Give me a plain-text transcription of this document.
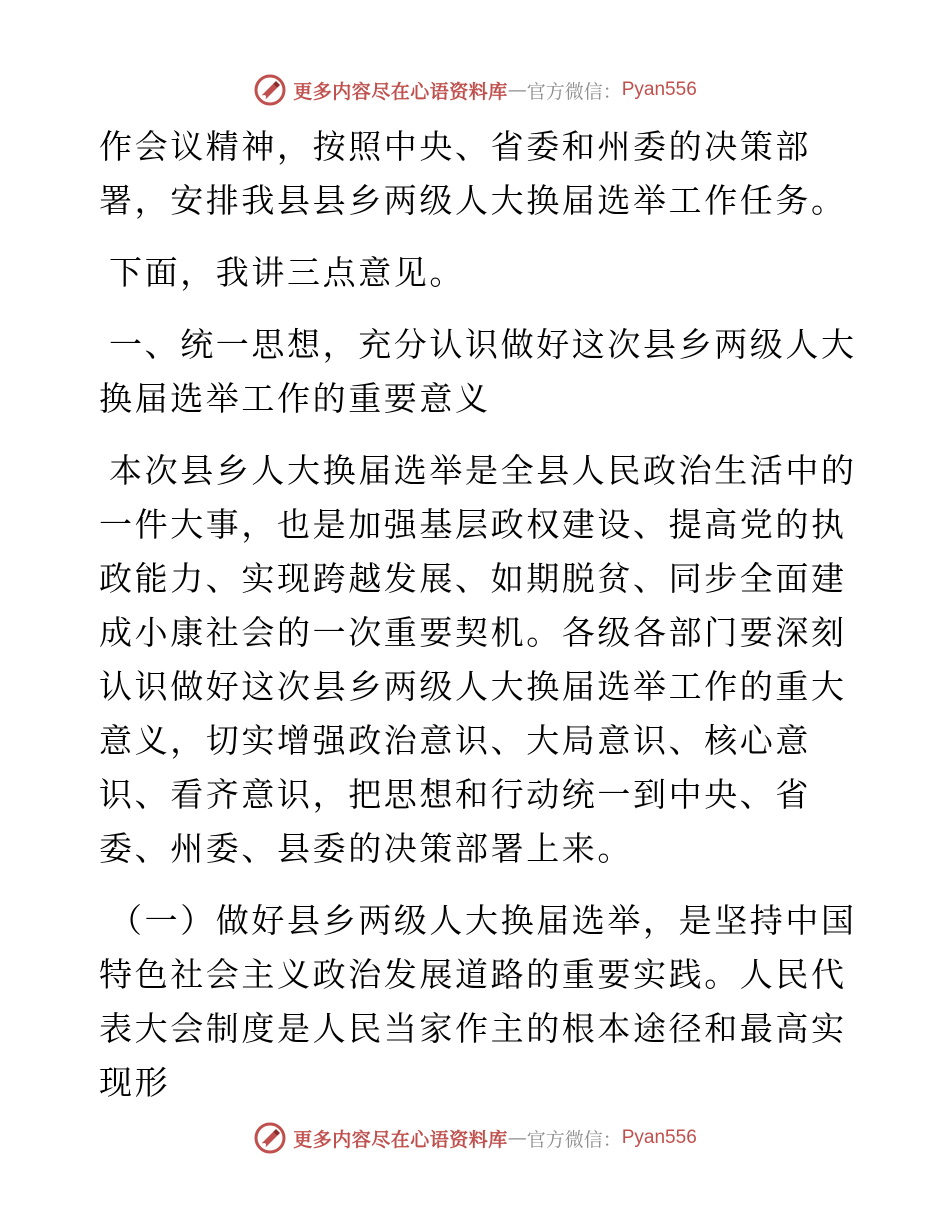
更多内容尽在心语资料库 — 官方微信： Pyan556

作会议精神，按照中央、省委和州委的决策部署，安排我县县乡两级人大换届选举工作任务。

下面，我讲三点意见。

一、统一思想，充分认识做好这次县乡两级人大换届选举工作的重要意义

本次县乡人大换届选举是全县人民政治生活中的一件大事，也是加强基层政权建设、提高党的执政能力、实现跨越发展、如期脱贫、同步全面建成小康社会的一次重要契机。各级各部门要深刻认识做好这次县乡两级人大换届选举工作的重大意义，切实增强政治意识、大局意识、核心意识、看齐意识，把思想和行动统一到中央、省委、州委、县委的决策部署上来。

（一）做好县乡两级人大换届选举，是坚持中国特色社会主义政治发展道路的重要实践。人民代表大会制度是人民当家作主的根本途径和最高实现形

更多内容尽在心语资料库 — 官方微信： Pyan556
